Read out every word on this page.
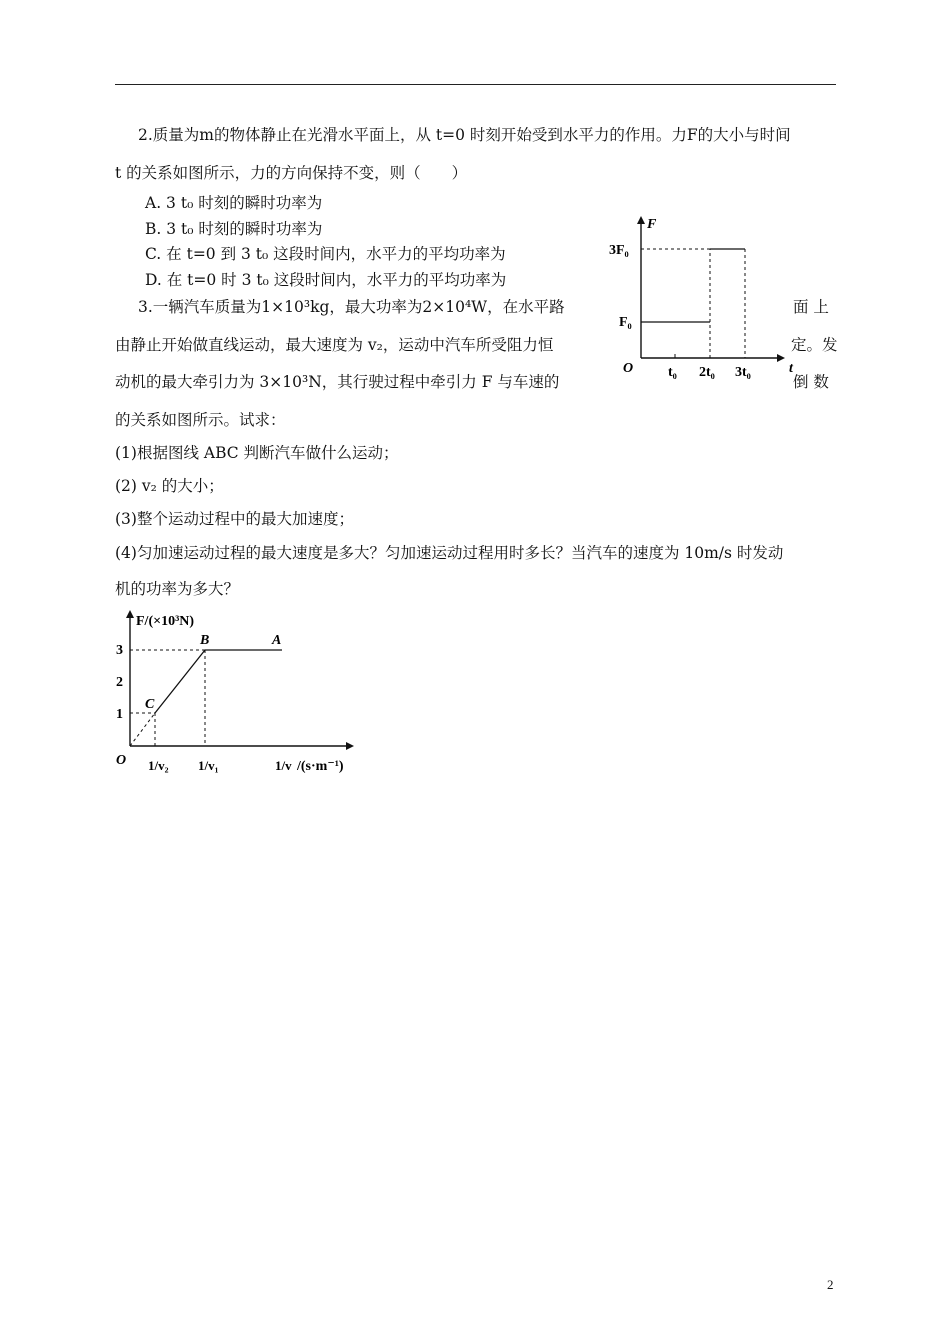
2.质量为m的物体静止在光滑水平面上，从 t=0 时刻开始受到水平力的作用。力F的大小与时间
t 的关系如图所示，力的方向保持不变，则（　　）
A. 3 t₀ 时刻的瞬时功率为
B. 3 t₀ 时刻的瞬时功率为
C. 在 t=0 到 3 t₀ 这段时间内，水平力的平均功率为
D. 在 t=0 时 3 t₀ 这段时间内，水平力的平均功率为
3.一辆汽车质量为1×10³kg，最大功率为2×10⁴W，在水平路	面 上
由静止开始做直线运动，最大速度为 v₂，运动中汽车所受阻力恒	定。发
动机的最大牵引力为 3×10³N，其行驶过程中牵引力 F 与车速的	倒 数
的关系如图所示。试求：
(1)根据图线 ABC 判断汽车做什么运动；
(2) v₂ 的大小；
(3)整个运动过程中的最大加速度；
(4)匀加速运动过程的最大速度是多大？匀加速运动过程用时多长？当汽车的速度为 10m/s 时发动
机的功率为多大？
F
t
O
3F₀
F₀
t₀ 2t₀ 3t₀
F/(×10³N)
O
3
2
1
A
B
C
1/v₂ 1/v₁	1/v /(s·m⁻¹)
2
